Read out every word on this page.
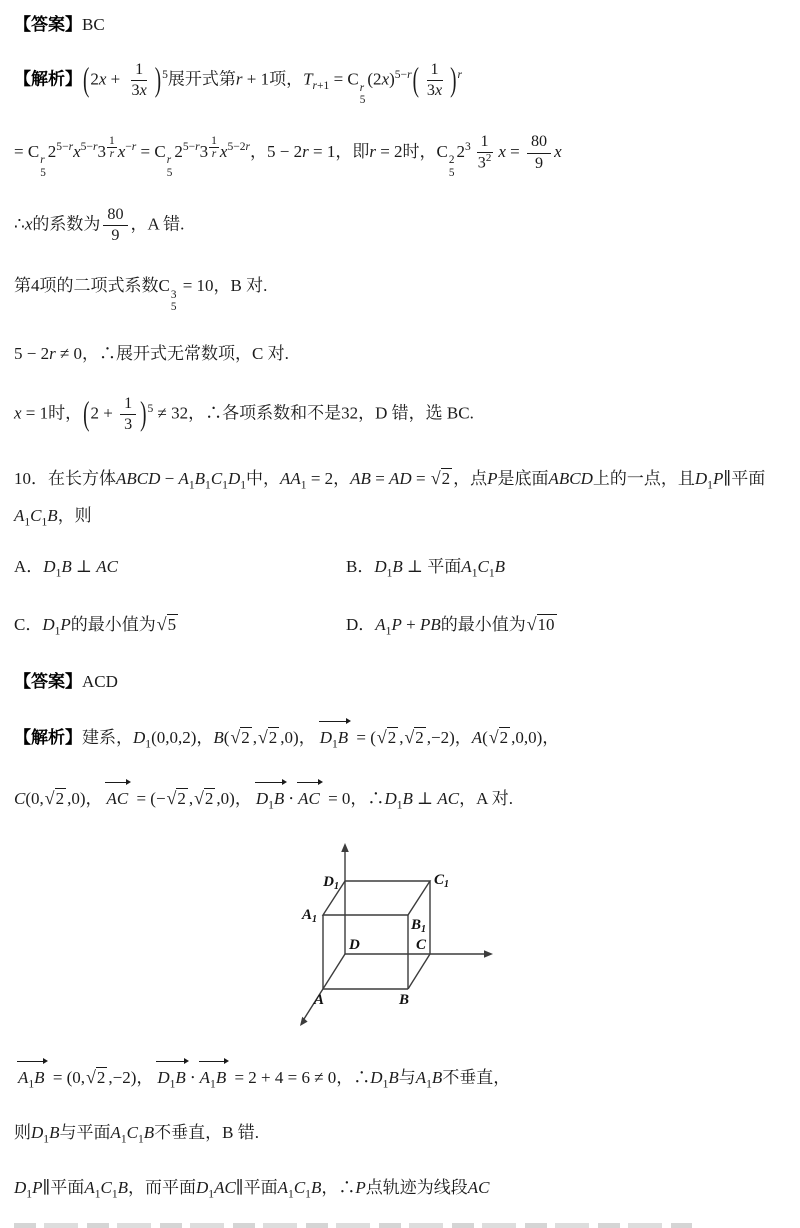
【答案】BC
【解析】$(2x + \frac{1}{3x} )^5$展开式第r + 1项，$T_{r+1} = C$ r
5
$(2x)^{5-r}( \frac{1}{3x} )^r$
= C r
5
$2^{5-r}x^{5-r}3$ $^{\frac{1}{r}}$ $x^{-r} = C$ r
5
$2^{5-r}3$ $^{\frac{1}{r}}$ $x^{5-2r}$，5 − 2r = 1，即r = 2时，C 2
5
$2^3 \frac{1}{3^2}$ $x = \frac{80}{9}$ x
∴x的系数为 $\frac{80}{9}$ ，A 错.
第4项的二项式系数C 3
5
= 10，B 对.
5 − 2r ≠ 0，∴展开式无常数项，C 对.
x = 1时，$(2 + \frac{1}{3} )^5 \ne 32$，∴各项系数和不是32，D 错，选 BC.
10．在长方体ABCD − $A_1B_1C_1D_1$中，$AA_1 = 2$，AB = AD = √2 ，点P是底面ABCD上的一点，且$D_1P\parallel$平面$A_1C_1B$，则
A．$D_1B$ ⊥ AC	B．$D_1B$ ⊥ 平面$A_1C_1B$
C．$D_1P$的最小值为√5	D．$A_1P$ + PB的最小值为√10
【答案】ACD
【解析】建系，$D_1(0,0,2)$，B(√2 ,√2 ,0)， $D_1B = (√2$ ,√2 ,−2)，A(√2 ,0,0)，
C(0,√2 ,0)， AC = (−√2 ,√2 ,0)， $D_1B$ ⋅ AC = 0，$\therefore D_1B$ ⊥ AC，A 对.
$D_1$	$C_1$
$A_1$	$B_1$
D	C
A	B
$A_1B = (0,√2$ ,−2)， $D_1B \cdot A_1B = 2 + 4 = 6 \ne 0$，$\therefore D_1B$与$A_1B$不垂直，
则$D_1B$与平面$A_1C_1B$不垂直，B 错.
$D_1P\parallel$平面$A_1C_1B$，而平面$D_1AC\parallel$平面$A_1C_1B$，∴P点轨迹为线段AC
